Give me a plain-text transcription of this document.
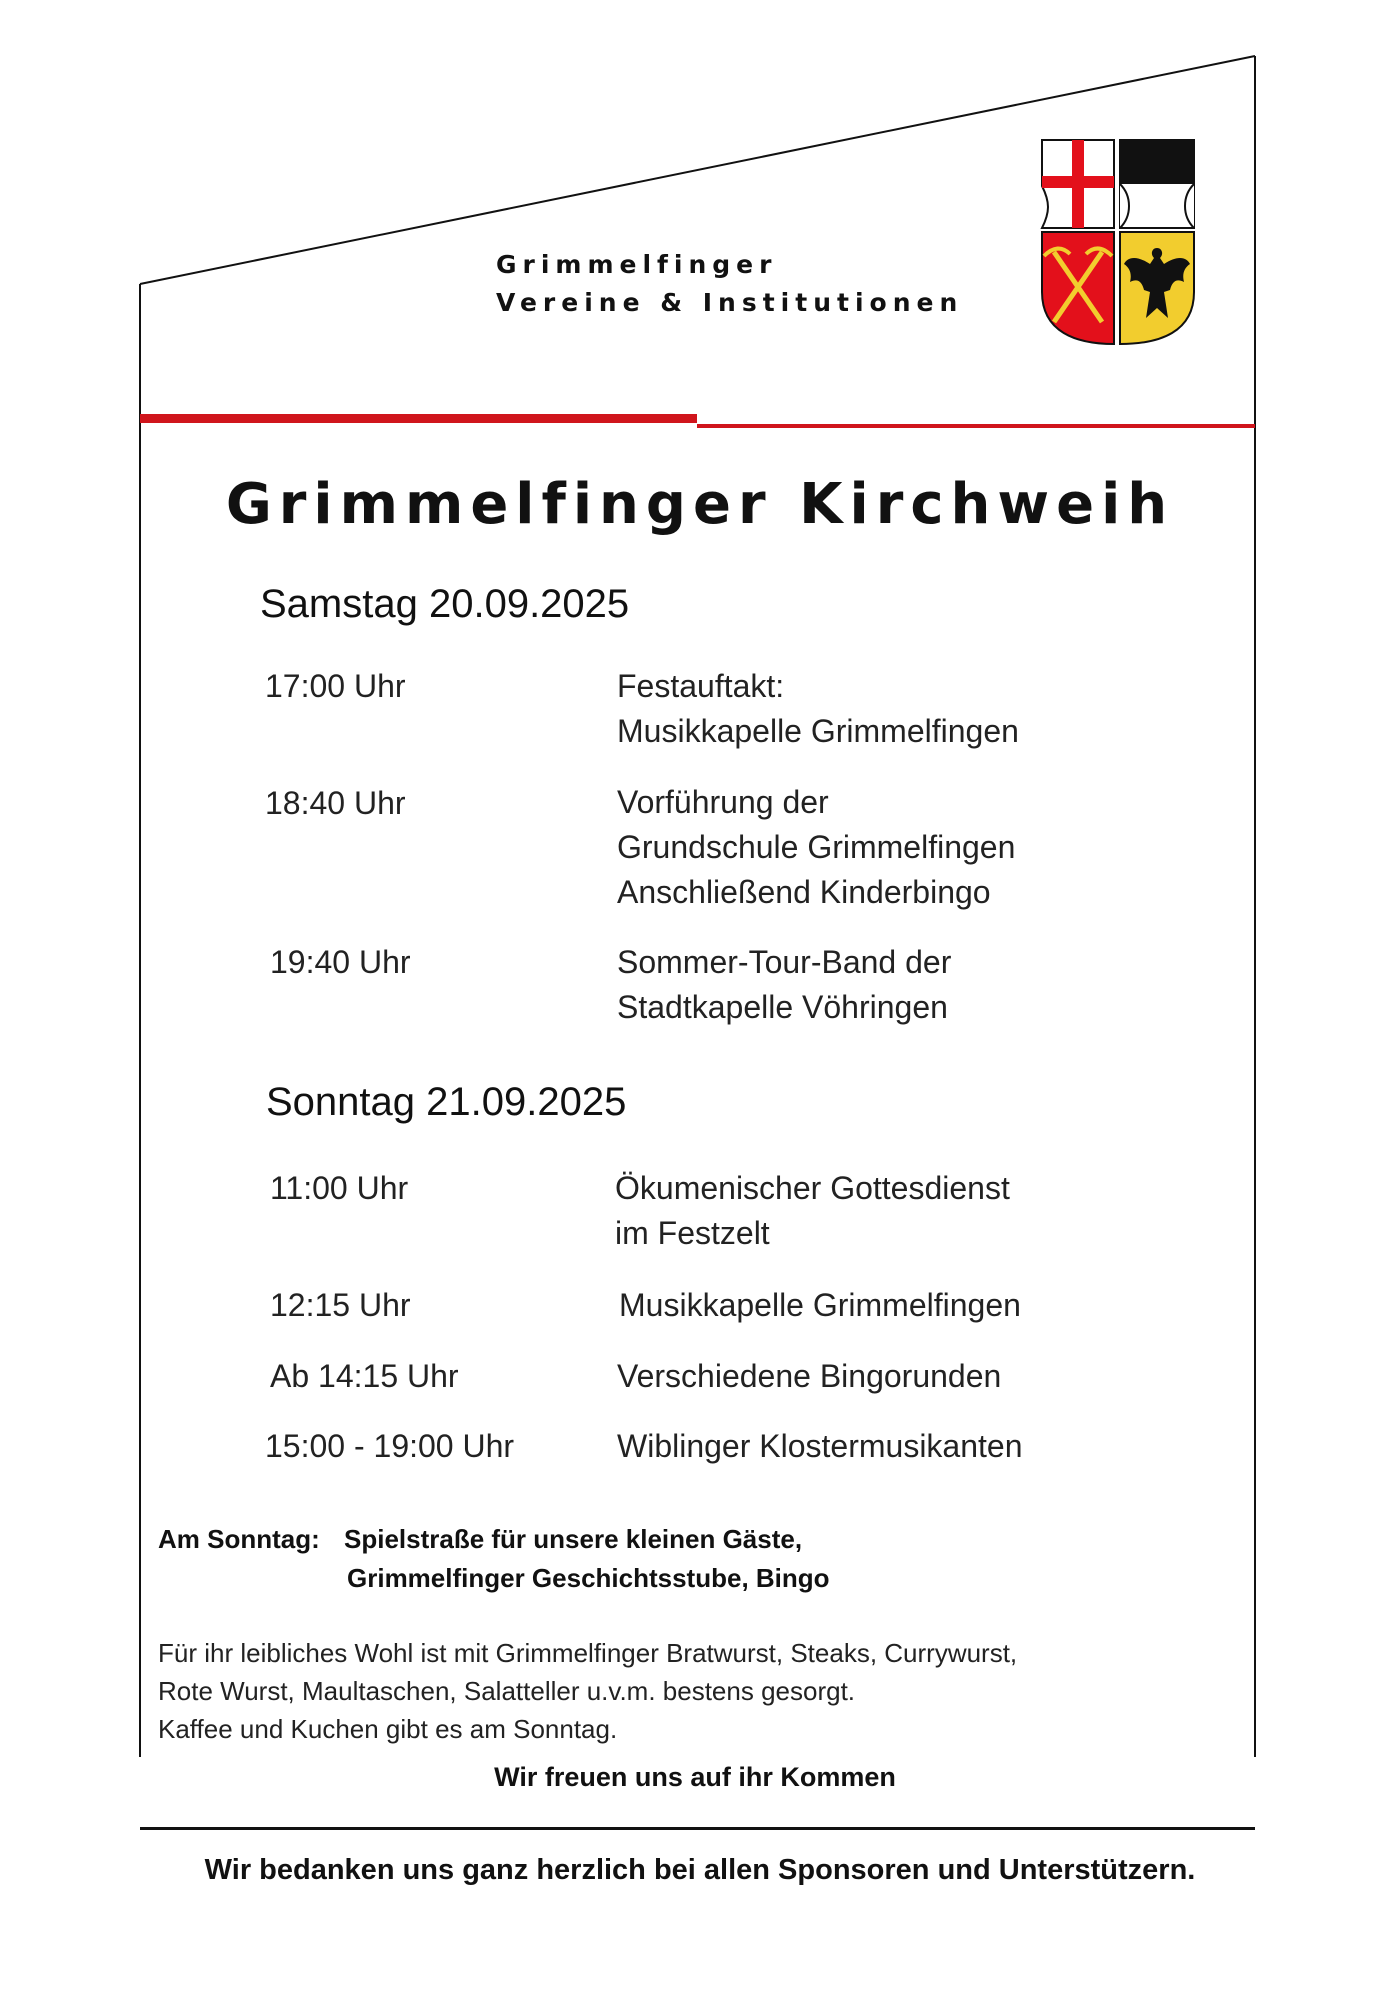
Grimmelfinger
Vereine & Institutionen
Grimmelfinger Kirchweih
Samstag 20.09.2025
17:00 Uhr	Festauftakt:
Musikkapelle Grimmelfingen
18:40 Uhr	Vorführung der
Grundschule Grimmelfingen
Anschließend Kinderbingo
19:40 Uhr	Sommer-Tour-Band der
Stadtkapelle Vöhringen
Sonntag 21.09.2025
11:00 Uhr	Ökumenischer Gottesdienst
im Festzelt
12:15 Uhr	Musikkapelle Grimmelfingen
Ab 14:15 Uhr	Verschiedene Bingorunden
15:00 - 19:00 Uhr	Wiblinger Klostermusikanten
Am Sonntag: Spielstraße für unsere kleinen Gäste,
Grimmelfinger Geschichtsstube, Bingo
Für ihr leibliches Wohl ist mit Grimmelfinger Bratwurst, Steaks, Currywurst,
Rote Wurst, Maultaschen, Salatteller u.v.m. bestens gesorgt.
Kaffee und Kuchen gibt es am Sonntag.
Wir freuen uns auf ihr Kommen
Wir bedanken uns ganz herzlich bei allen Sponsoren und Unterstützern.
